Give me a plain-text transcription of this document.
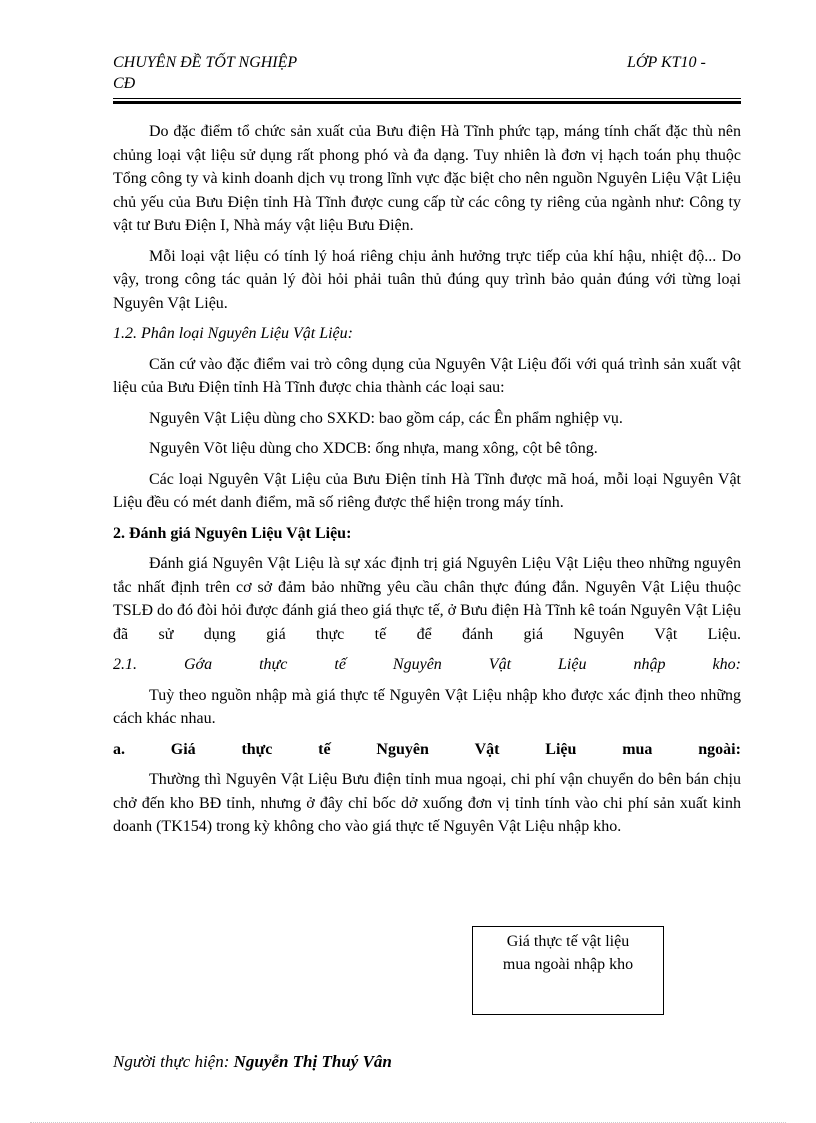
CHUYÊN ĐỀ TỐT NGHIỆP
CĐ
LỚP KT10 -

Do đặc điểm tổ chức sản xuất của Bưu điện Hà Tĩnh phức tạp, máng tính chất đặc thù nên chủng loại vật liệu sử dụng rất phong phó và đa dạng. Tuy nhiên là đơn vị hạch toán phụ thuộc Tổng công ty và kinh doanh dịch vụ trong lĩnh vực đặc biệt cho nên nguồn Nguyên Liệu Vật Liệu chủ yếu của Bưu Điện tỉnh Hà Tĩnh được cung cấp từ các công ty riêng của ngành như: Công ty vật tư Bưu Điện I, Nhà máy vật liệu Bưu Điện.

Mỗi loại vật liệu có tính lý hoá riêng chịu ảnh hưởng trực tiếp của khí hậu, nhiệt độ... Do vậy, trong công tác quản lý đòi hỏi phải tuân thủ đúng quy trình bảo quản đúng với từng loại Nguyên Vật Liệu.

1.2. Phân loại Nguyên Liệu Vật Liệu:

Căn cứ vào đặc điểm vai trò công dụng của Nguyên Vật Liệu đối với quá trình sản xuất vật liệu của Bưu Điện tỉnh Hà Tĩnh được chia thành các loại sau:

Nguyên Vật Liệu dùng cho SXKD: bao gồm cáp, các Ên phẩm nghiệp vụ.

Nguyên Võt liệu dùng cho XDCB: ống nhựa, mang xông, cột bê tông.

Các loại Nguyên Vật Liệu của Bưu Điện tỉnh Hà Tĩnh được mã hoá, mỗi loại Nguyên Vật Liệu đều có mét danh điểm, mã số riêng được thể hiện trong máy tính.

2. Đánh giá Nguyên Liệu Vật Liệu:

Đánh giá Nguyên Vật Liệu là sự xác định trị giá Nguyên Liệu Vật Liệu theo những nguyên tắc nhất định trên cơ sở đảm bảo những yêu cầu chân thực đúng đắn. Nguyên Vật Liệu thuộc TSLĐ do đó đòi hỏi được đánh giá theo giá thực tế, ở Bưu điện Hà Tĩnh kê toán Nguyên Vật Liệu đã sử dụng giá thực tế để đánh giá Nguyên Vật Liệu.

2.1.	Gớa	thực	tế	Nguyên	Vật	Liệu	nhập	kho:

Tuỳ theo nguồn nhập mà giá thực tế Nguyên Vật Liệu nhập kho được xác định theo những cách khác nhau.

a.	Giá	thực	tế	Nguyên	Vật	Liệu	mua	ngoài:

Thường thì Nguyên Vật Liệu Bưu điện tỉnh mua ngoại, chi phí vận chuyển do bên bán chịu chở đến kho BĐ tỉnh, nhưng ở đây chỉ bốc dở xuống đơn vị tỉnh tính vào chi phí sản xuất kinh doanh (TK154) trong kỳ không cho vào giá thực tế Nguyên Vật Liệu nhập kho.

Giá thực tế vật liệu
mua ngoài nhập kho
Người thực hiện: Nguyễn Thị Thuý Vân
